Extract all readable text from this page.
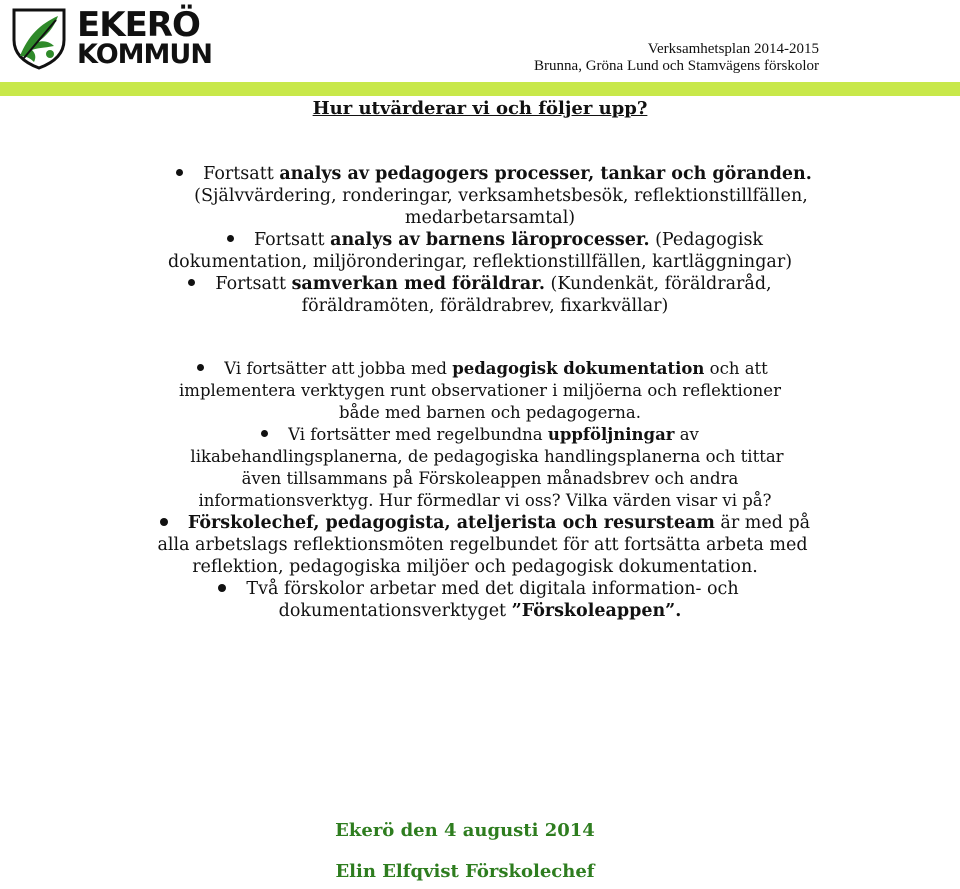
EKERÖ
KOMMUN	Verksamhetsplan 2014-2015
Brunna, Gröna Lund och Stamvägens förskolor
Hur utvärderar vi och följer upp?

Fortsatt analys av pedagogers processer, tankar och göranden.

(Självvärdering, ronderingar, verksamhetsbesök, reflektionstillfällen,

medarbetarsamtal)

Fortsatt analys av barnens läroprocesser. (Pedagogisk

dokumentation, miljöronderingar, reflektionstillfällen, kartläggningar)

Fortsatt samverkan med föräldrar. (Kundenkät, föräldraråd,

föräldramöten, föräldrabrev, fixarkvällar)

Vi fortsätter att jobba med pedagogisk dokumentation och att

implementera verktygen runt observationer i miljöerna och reflektioner

både med barnen och pedagogerna.

Vi fortsätter med regelbundna uppföljningar av

likabehandlingsplanerna, de pedagogiska handlingsplanerna och tittar

även tillsammans på Förskoleappen månadsbrev och andra

informationsverktyg. Hur förmedlar vi oss? Vilka värden visar vi på?

Förskolechef, pedagogista, ateljerista och resursteam är med på

alla arbetslags reflektionsmöten regelbundet för att fortsätta arbeta med

reflektion, pedagogiska miljöer och pedagogisk dokumentation.

Två förskolor arbetar med det digitala information- och

dokumentationsverktyget ”Förskoleappen”.

Ekerö den 4 augusti 2014
Elin Elfqvist Förskolechef
